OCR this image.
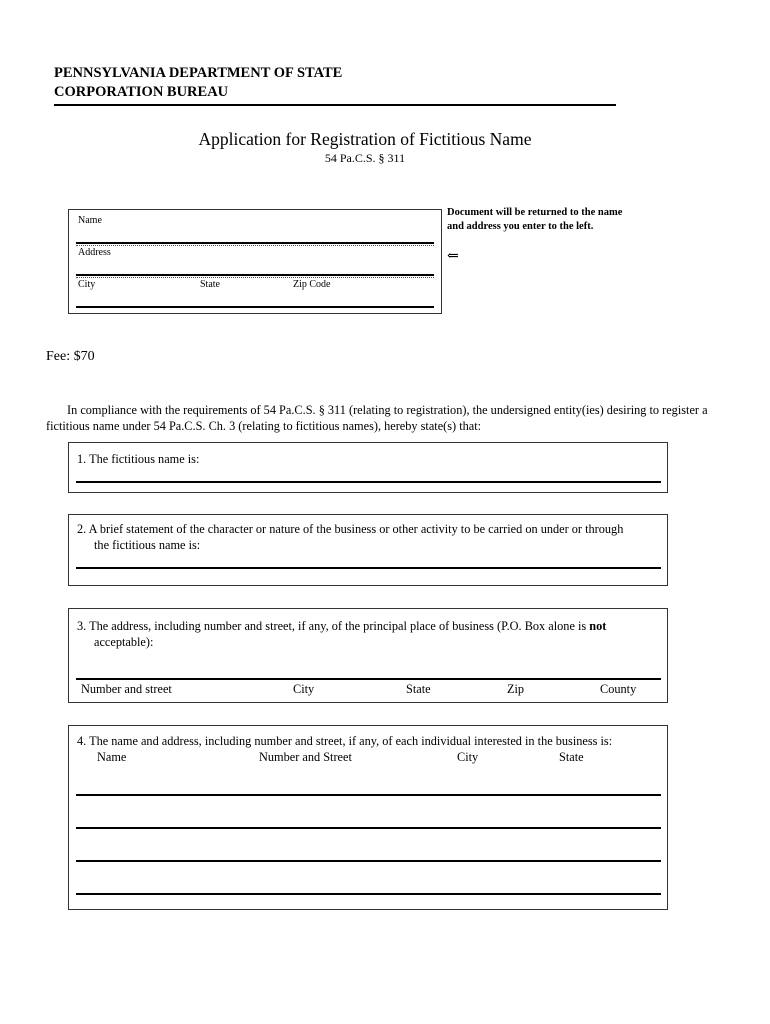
PENNSYLVANIA DEPARTMENT OF STATE
CORPORATION BUREAU
Application for Registration of Fictitious Name
54 Pa.C.S. § 311
Name
Address
City	State	Zip Code
Document will be returned to the name and address you enter to the left.
⇐
Fee: $70
In compliance with the requirements of 54 Pa.C.S. § 311 (relating to registration), the undersigned entity(ies) desiring to register a fictitious name under 54 Pa.C.S. Ch. 3 (relating to fictitious names), hereby state(s) that:
1. The fictitious name is:
2. A brief statement of the character or nature of the business or other activity to be carried on under or through
the fictitious name is:
3. The address, including number and street, if any, of the principal place of business (P.O. Box alone is not
acceptable):
Number and street	City	State	Zip	County
4. The name and address, including number and street, if any, of each individual interested in the business is:
Name	Number and Street	City	State
